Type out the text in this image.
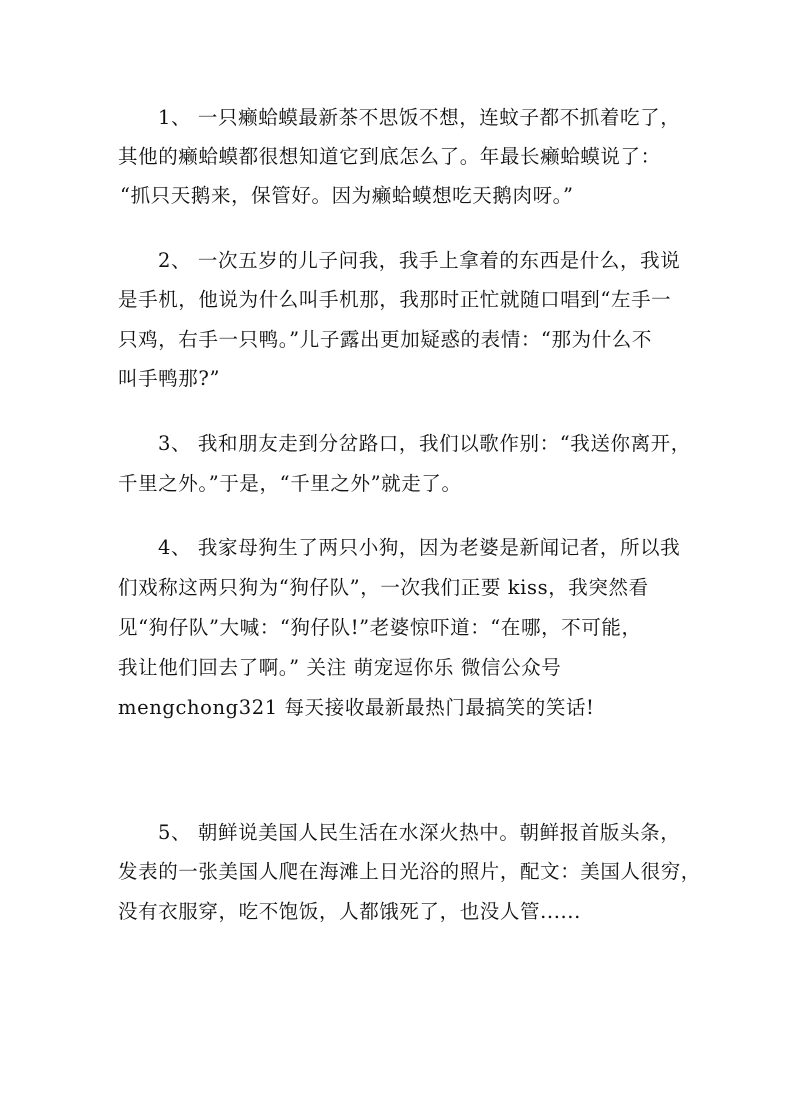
1、 一只癞蛤蟆最新茶不思饭不想，连蚊子都不抓着吃了，
其他的癞蛤蟆都很想知道它到底怎么了。年最长癞蛤蟆说了：
“抓只天鹅来，保管好。因为癞蛤蟆想吃天鹅肉呀。”
2、 一次五岁的儿子问我，我手上拿着的东西是什么，我说
是手机，他说为什么叫手机那，我那时正忙就随口唱到“左手一
只鸡，右手一只鸭。”儿子露出更加疑惑的表情：“那为什么不
叫手鸭那?”
3、 我和朋友走到分岔路口，我们以歌作别：“我送你离开，
千里之外。”于是，“千里之外”就走了。
4、 我家母狗生了两只小狗，因为老婆是新闻记者，所以我
们戏称这两只狗为“狗仔队”，一次我们正要 kiss，我突然看
见“狗仔队”大喊：“狗仔队!”老婆惊吓道：“在哪，不可能，
我让他们回去了啊。” 关注 萌宠逗你乐 微信公众号
mengchong321 每天接收最新最热门最搞笑的笑话!
5、 朝鲜说美国人民生活在水深火热中。朝鲜报首版头条，
发表的一张美国人爬在海滩上日光浴的照片，配文：美国人很穷，
没有衣服穿，吃不饱饭，人都饿死了，也没人管......
